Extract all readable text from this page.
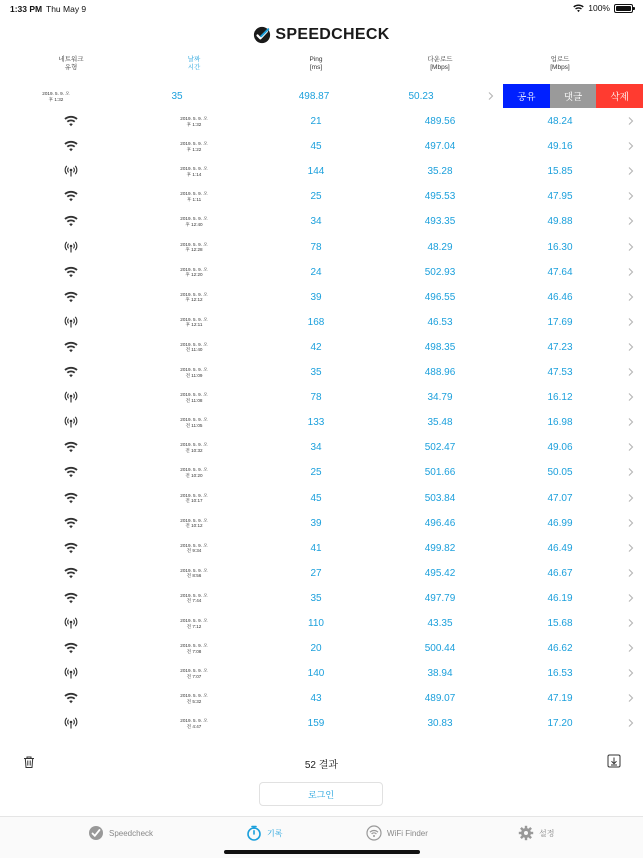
1:33 PM Thu May 9	100%
SPEEDCHECK
네트워크
유형
날짜
시간
Ping
[ms]
다운로드
[Mbps]
업로드
[Mbps]
2019. 5. 9. 오
후 1:32	35	498.87	50.23	공유	댓글	삭제
2019. 5. 9. 오
후 1:32	21	489.56	48.24
2019. 5. 9. 오
후 1:22	45	497.04	49.16
2019. 5. 9. 오
후 1:14	144	35.28	15.85
2019. 5. 9. 오
후 1:11	25	495.53	47.95
2019. 5. 9. 오
후 12:40	34	493.35	49.88
2019. 5. 9. 오
후 12:28	78	48.29	16.30
2019. 5. 9. 오
후 12:20	24	502.93	47.64
2019. 5. 9. 오
후 12:12	39	496.55	46.46
2019. 5. 9. 오
후 12:11	168	46.53	17.69
2019. 5. 9. 오
전 11:40	42	498.35	47.23
2019. 5. 9. 오
전 11:09	35	488.96	47.53
2019. 5. 9. 오
전 11:08	78	34.79	16.12
2019. 5. 9. 오
전 11:05	133	35.48	16.98
2019. 5. 9. 오
전 10:32	34	502.47	49.06
2019. 5. 9. 오
전 10:20	25	501.66	50.05
2019. 5. 9. 오
전 10:17	45	503.84	47.07
2019. 5. 9. 오
전 10:12	39	496.46	46.99
2019. 5. 9. 오
전 9:34	41	499.82	46.49
2019. 5. 9. 오
전 8:56	27	495.42	46.67
2019. 5. 9. 오
전 7:44	35	497.79	46.19
2019. 5. 9. 오
전 7:12	110	43.35	15.68
2019. 5. 9. 오
전 7:08	20	500.44	46.62
2019. 5. 9. 오
전 7:07	140	38.94	16.53
2019. 5. 9. 오
전 5:32	43	489.07	47.19
2019. 5. 9. 오
전 4:47	159	30.83	17.20
52 결과
로그인
Speedcheck	기록	WiFi Finder	설정
